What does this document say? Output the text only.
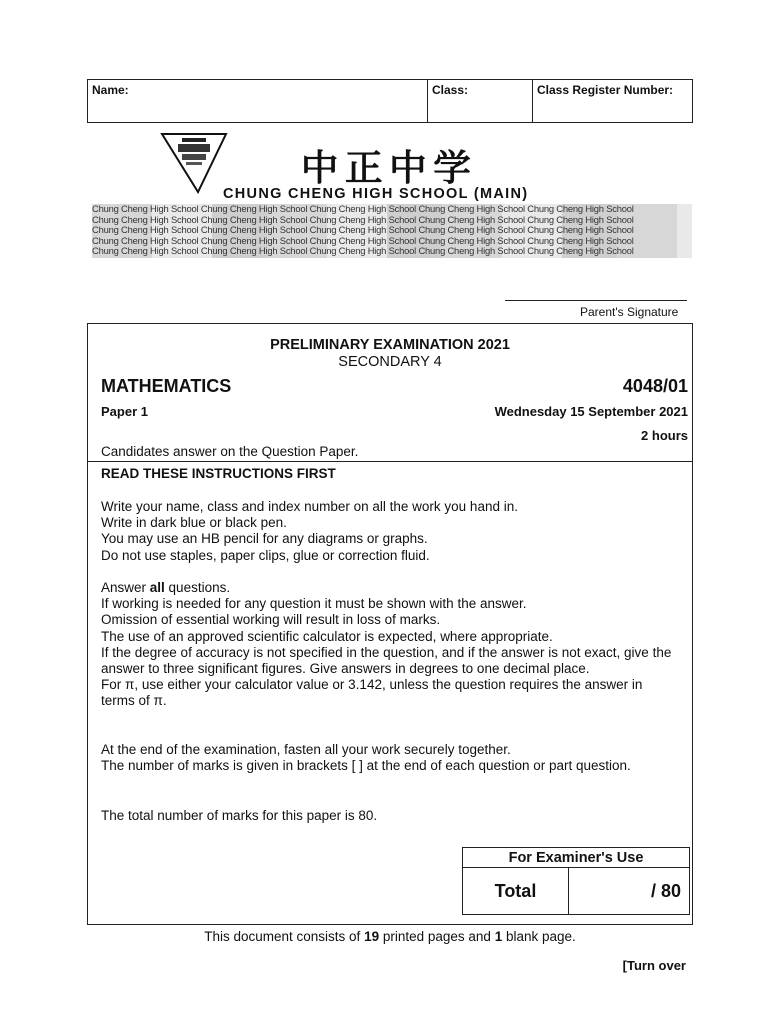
Name:	Class:	Class Register Number:
中正中学
CHUNG CHENG HIGH SCHOOL (MAIN)
Chung Cheng High School Chung Cheng High School Chung Cheng High School Chung Cheng High School Chung Cheng High School
Chung Cheng High School Chung Cheng High School Chung Cheng High School Chung Cheng High School Chung Cheng High School
Chung Cheng High School Chung Cheng High School Chung Cheng High School Chung Cheng High School Chung Cheng High School
Chung Cheng High School Chung Cheng High School Chung Cheng High School Chung Cheng High School Chung Cheng High School
Chung Cheng High School Chung Cheng High School Chung Cheng High School Chung Cheng High School Chung Cheng High School
Parent's Signature
PRELIMINARY EXAMINATION 2021
SECONDARY 4
MATHEMATICS	4048/01
Paper 1	Wednesday 15 September 2021
2 hours
Candidates answer on the Question Paper.
READ THESE INSTRUCTIONS FIRST

Write your name, class and index number on all the work you hand in.

Write in dark blue or black pen.

You may use an HB pencil for any diagrams or graphs.

Do not use staples, paper clips, glue or correction fluid.

Answer all questions.

If working is needed for any question it must be shown with the answer.

Omission of essential working will result in loss of marks.

The use of an approved scientific calculator is expected, where appropriate.

If the degree of accuracy is not specified in the question, and if the answer is not exact, give the answer to three significant figures. Give answers in degrees to one decimal place.

For π, use either your calculator value or 3.142, unless the question requires the answer in terms of π.

At the end of the examination, fasten all your work securely together.

The number of marks is given in brackets [ ] at the end of each question or part question.

The total number of marks for this paper is 80.
For Examiner's Use
Total	/ 80
This document consists of 19 printed pages and 1 blank page.
[Turn over
